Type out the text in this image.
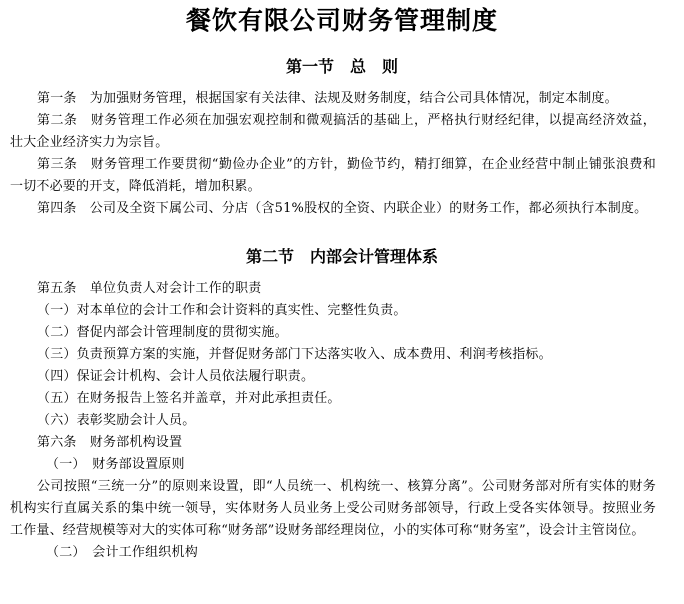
餐饮有限公司财务管理制度
第一节　总　则

第一条　为加强财务管理，根据国家有关法律、法规及财务制度，结合公司具体情况，制定本制度。

第二条　财务管理工作必须在加强宏观控制和微观搞活的基础上，严格执行财经纪律，以提高经济效益，壮大企业经济实力为宗旨。

第三条　财务管理工作要贯彻“勤俭办企业”的方针，勤俭节约，精打细算，在企业经营中制止铺张浪费和一切不必要的开支，降低消耗，增加积累。

第四条　公司及全资下属公司、分店（含51%股权的全资、内联企业）的财务工作，都必须执行本制度。

第二节　内部会计管理体系

第五条　单位负责人对会计工作的职责

（一）对本单位的会计工作和会计资料的真实性、完整性负责。

（二）督促内部会计管理制度的贯彻实施。

（三）负责预算方案的实施，并督促财务部门下达落实收入、成本费用、利润考核指标。

（四）保证会计机构、会计人员依法履行职责。

（五）在财务报告上签名并盖章，并对此承担责任。

（六）表彰奖励会计人员。

第六条　财务部机构设置

（一）　财务部设置原则

公司按照“三统一分”的原则来设置，即“人员统一、机构统一、核算分离”。公司财务部对所有实体的财务机构实行直属关系的集中统一领导，实体财务人员业务上受公司财务部领导，行政上受各实体领导。按照业务工作量、经营规模等对大的实体可称“财务部”设财务部经理岗位，小的实体可称“财务室”，设会计主管岗位。

（二）　会计工作组织机构
